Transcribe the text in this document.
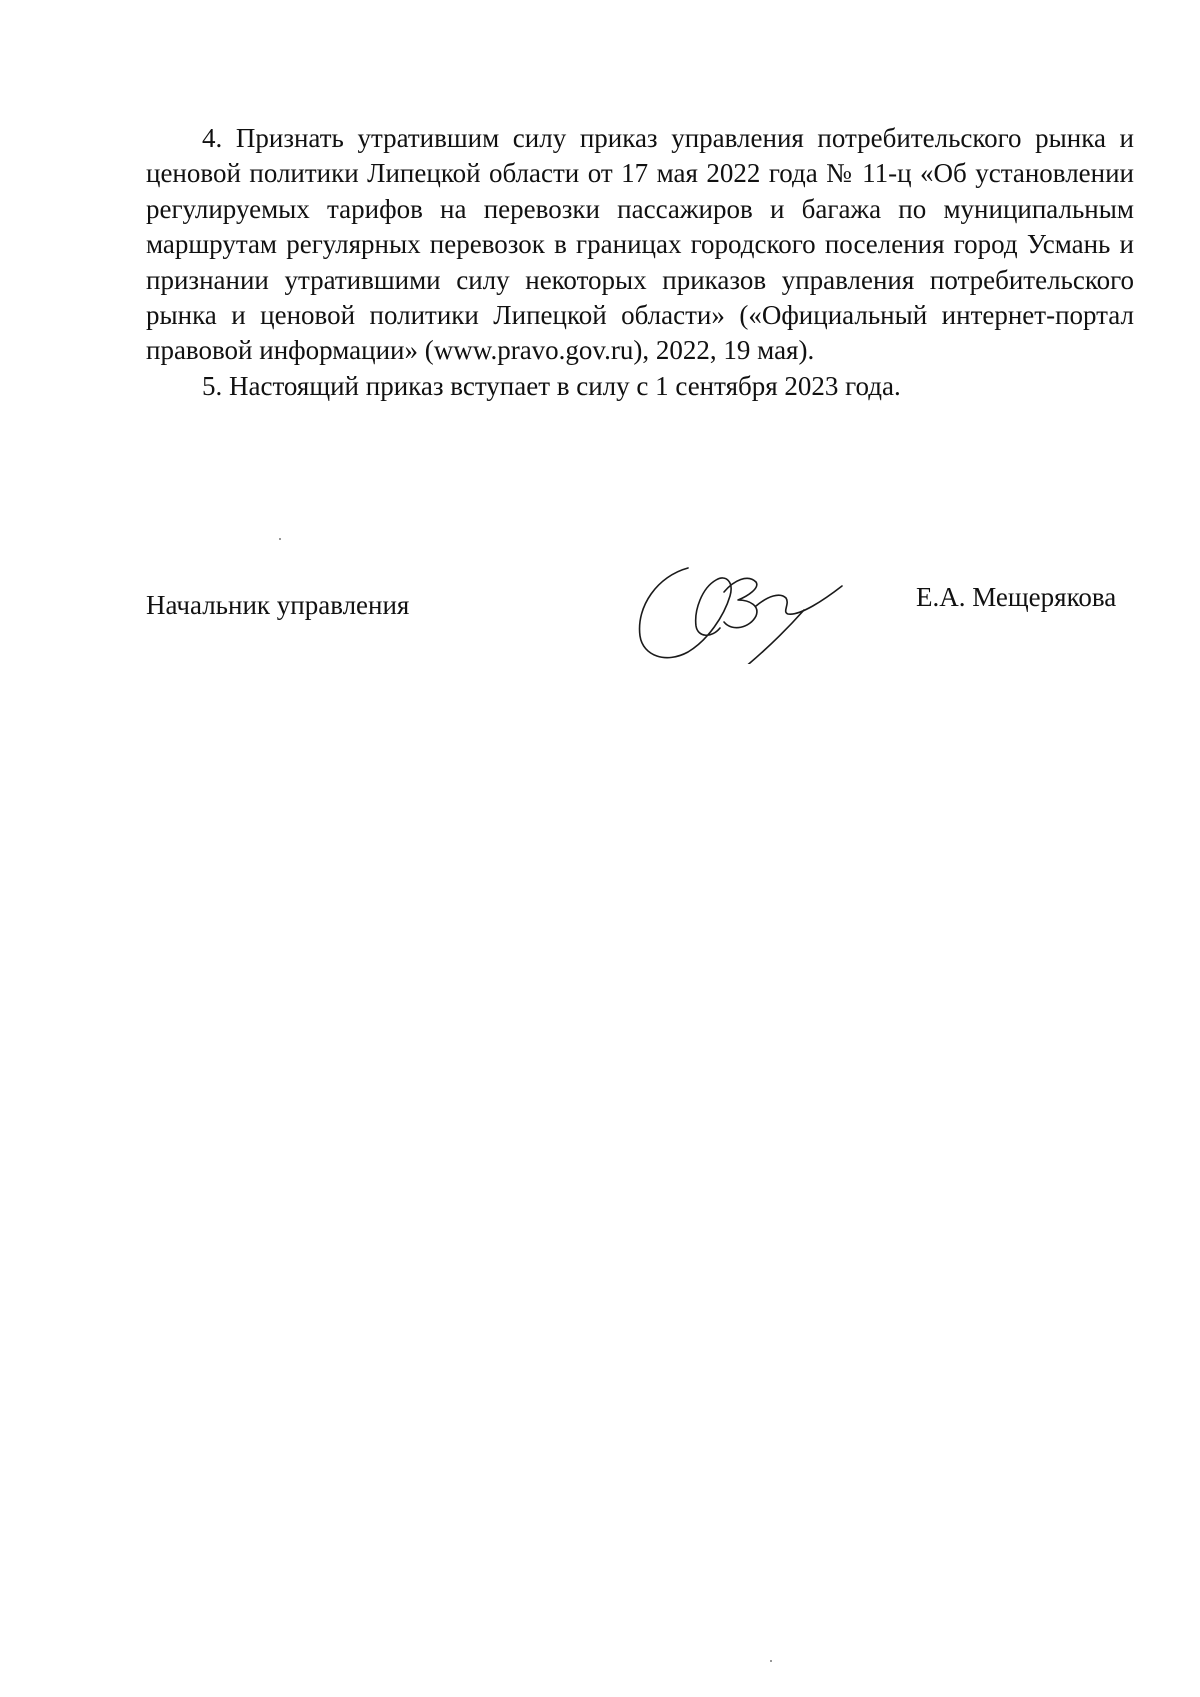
4. Признать утратившим силу приказ управления потребительского рынка и ценовой политики Липецкой области от 17 мая 2022 года № 11-ц «Об установлении регулируемых тарифов на перевозки пассажиров и багажа по муниципальным маршрутам регулярных перевозок в границах городского поселения город Усмань и признании утратившими силу некоторых приказов управления потребительского рынка и ценовой политики Липецкой области» («Официальный интернет-портал правовой информации» (www.pravo.gov.ru), 2022, 19 мая).

5. Настоящий приказ вступает в силу с 1 сентября 2023 года.

Начальник управления	Е.А. Мещерякова
